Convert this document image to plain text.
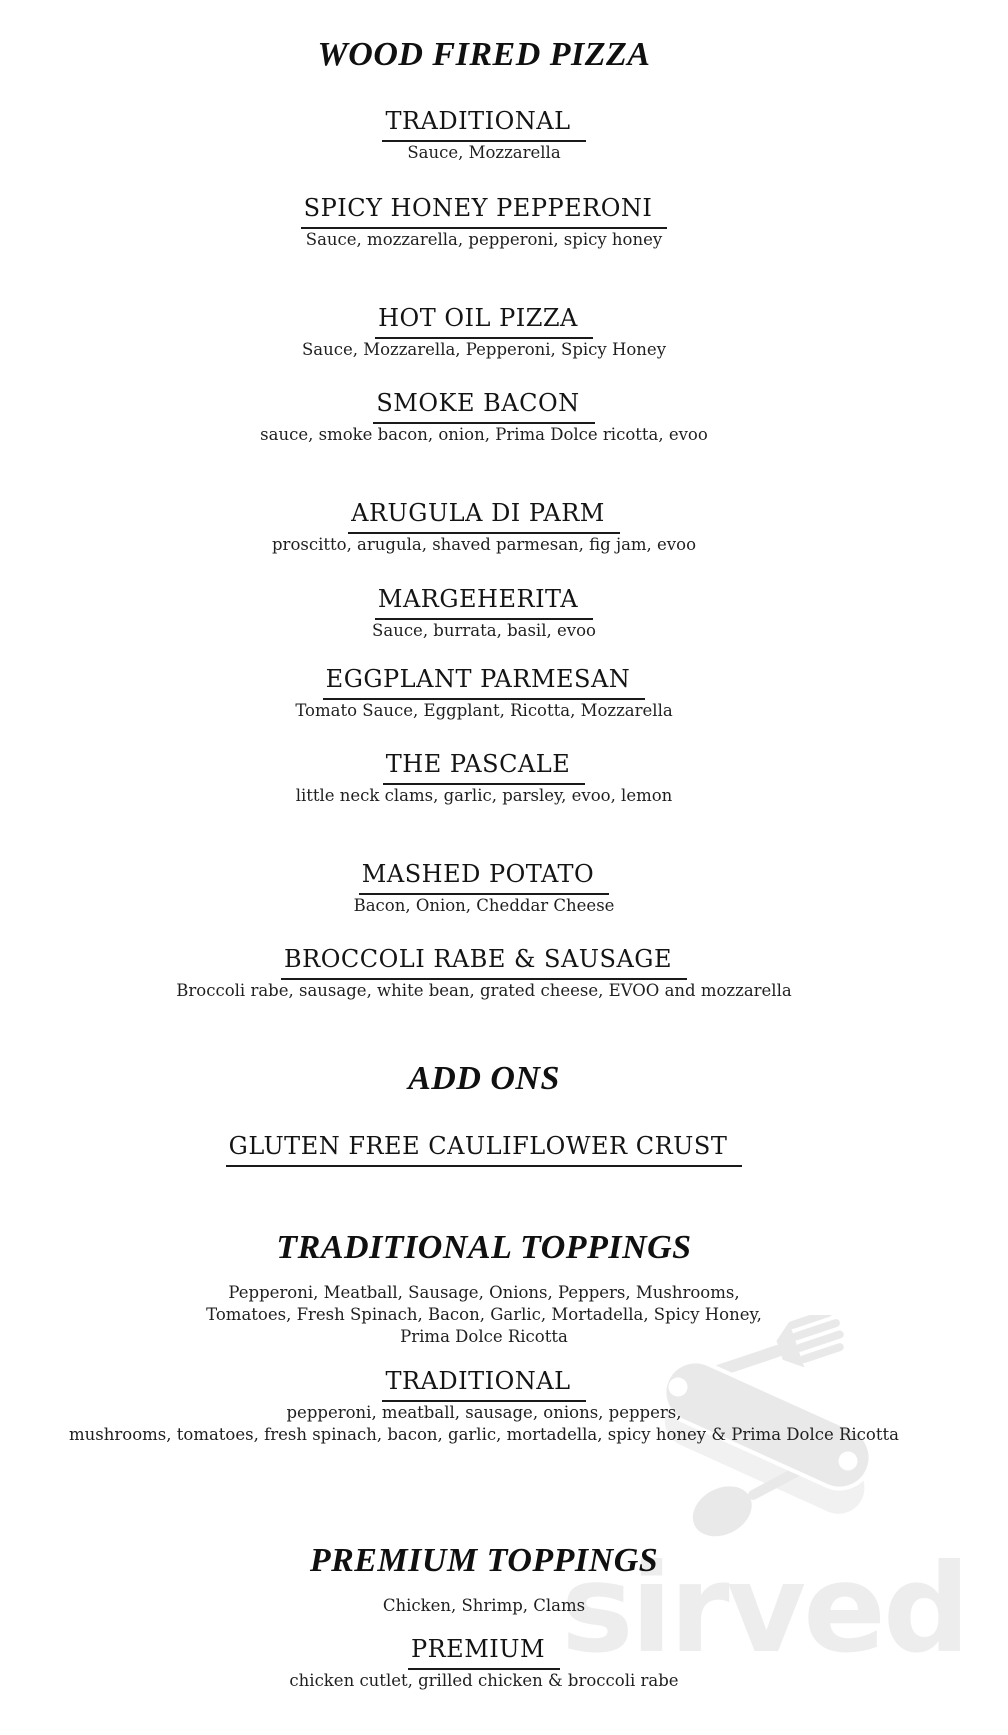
WOOD FIRED PIZZA
TRADITIONAL
Sauce, Mozzarella
SPICY HONEY PEPPERONI
Sauce, mozzarella, pepperoni, spicy honey
HOT OIL PIZZA
Sauce, Mozzarella, Pepperoni, Spicy Honey
SMOKE BACON
sauce, smoke bacon, onion, Prima Dolce ricotta, evoo
ARUGULA DI PARM
proscitto, arugula, shaved parmesan, fig jam, evoo
MARGEHERITA
Sauce, burrata, basil, evoo
EGGPLANT PARMESAN
Tomato Sauce, Eggplant, Ricotta, Mozzarella
THE PASCALE
little neck clams, garlic, parsley, evoo, lemon
MASHED POTATO
Bacon, Onion, Cheddar Cheese
BROCCOLI RABE & SAUSAGE
Broccoli rabe, sausage, white bean, grated cheese, EVOO and mozzarella
ADD ONS
GLUTEN FREE CAULIFLOWER CRUST
TRADITIONAL TOPPINGS
Pepperoni, Meatball, Sausage, Onions, Peppers, Mushrooms,
Tomatoes, Fresh Spinach, Bacon, Garlic, Mortadella, Spicy Honey,
Prima Dolce Ricotta
TRADITIONAL
pepperoni, meatball, sausage, onions, peppers,
mushrooms, tomatoes, fresh spinach, bacon, garlic, mortadella, spicy honey & Prima Dolce Ricotta
PREMIUM TOPPINGS
Chicken, Shrimp, Clams
PREMIUM
chicken cutlet, grilled chicken & broccoli rabe
sirved
